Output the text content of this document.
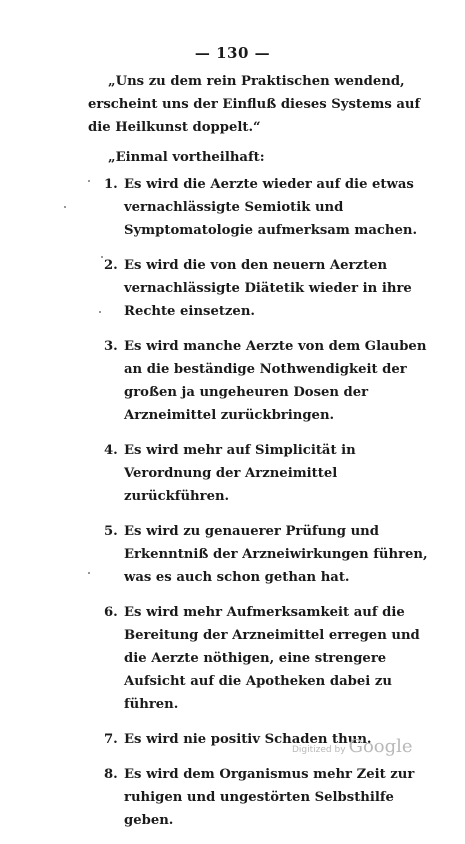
— 130 —

„Uns zu dem rein Praktischen wendend, erscheint uns der Einfluß dieses Systems auf die Heilkunst doppelt.“

„Einmal vortheilhaft:

1. Es wird die Aerzte wieder auf die etwas vernachlässigte Semiotik und Symptomatologie aufmerksam machen.
2. Es wird die von den neuern Aerzten vernachlässigte Diätetik wieder in ihre Rechte einsetzen.
3. Es wird manche Aerzte von dem Glauben an die beständige Nothwendigkeit der großen ja ungeheuren Dosen der Arzneimittel zurückbringen.
4. Es wird mehr auf Simplicität in Verordnung der Arzneimittel zurückführen.
5. Es wird zu genauerer Prüfung und Erkenntniß der Arzneiwirkungen führen, was es auch schon gethan hat.
6. Es wird mehr Aufmerksamkeit auf die Bereitung der Arzneimittel erregen und die Aerzte nöthigen, eine strengere Aufsicht auf die Apotheken dabei zu führen.
7. Es wird nie positiv Schaden thun.
8. Es wird dem Organismus mehr Zeit zur ruhigen und ungestörten Selbsthilfe geben.
Digitized by Google
